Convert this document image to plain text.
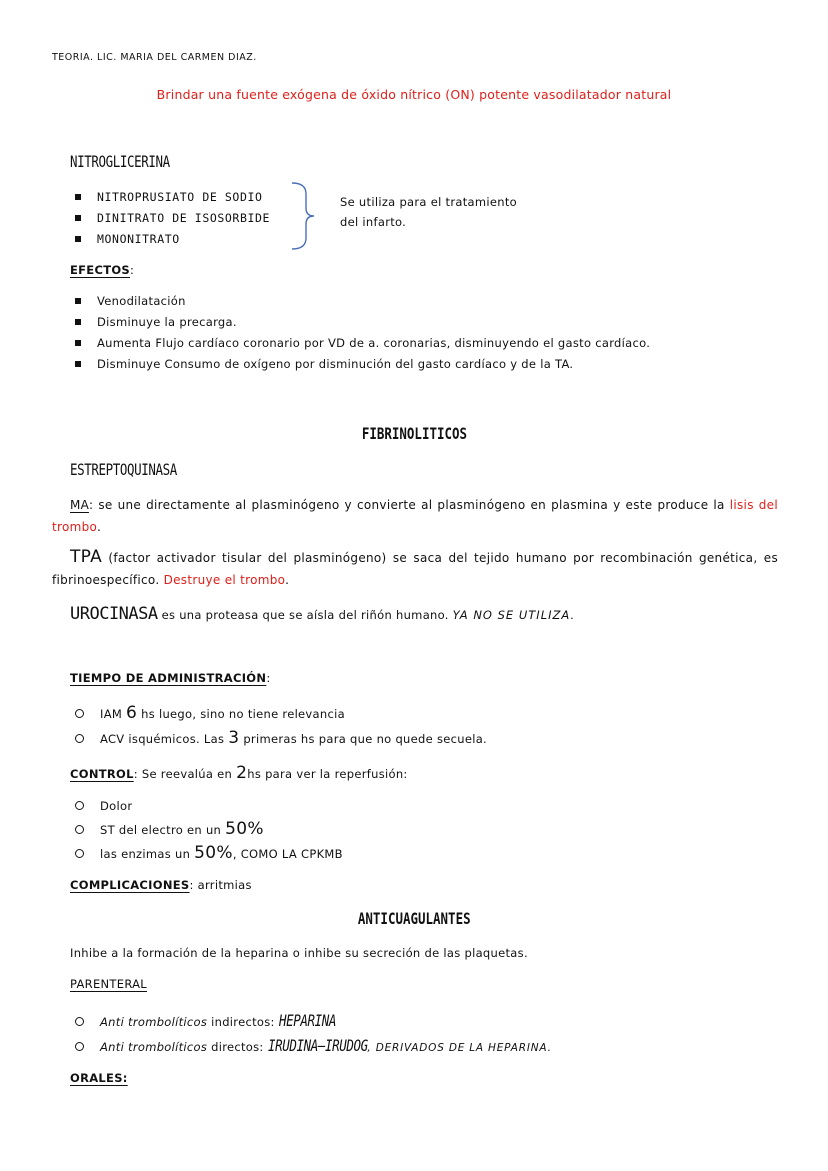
TEORIA. LIC. MARIA DEL CARMEN DIAZ.
Brindar una fuente exógena de óxido nítrico (ON) potente vasodilatador natural
NITROGLICERINA
NITROPRUSIATO DE SODIO
DINITRATO DE ISOSORBIDE
MONONITRATO
Se utiliza para el tratamiento
del infarto.
EFECTOS:
Venodilatación
Disminuye la precarga.
Aumenta Flujo cardíaco coronario por VD de a. coronarias, disminuyendo el gasto cardíaco.
Disminuye Consumo de oxígeno por disminución del gasto cardíaco y de la TA.
FIBRINOLITICOS
ESTREPTOQUINASA
MA: se une directamente al plasminógeno y convierte al plasminógeno en plasmina y este produce la lisis del trombo.
TPA (factor activador tisular del plasminógeno) se saca del tejido humano por recombinación genética, es fibrinoespecífico. Destruye el trombo.
UROCINASA es una proteasa que se aísla del riñón humano. YA NO SE UTILIZA.
TIEMPO DE ADMINISTRACIÓN:
IAM 6 hs luego, sino no tiene relevancia
ACV isquémicos. Las 3 primeras hs para que no quede secuela.
CONTROL: Se reevalúa en 2hs para ver la reperfusión:
Dolor
ST del electro en un 50%
las enzimas un 50%, COMO LA CPKMB
COMPLICACIONES: arritmias
ANTICUAGULANTES
Inhibe a la formación de la heparina o inhibe su secreción de las plaquetas.
PARENTERAL
Anti trombolíticos indirectos: HEPARINA
Anti trombolíticos directos: IRUDINA–IRUDOG, DERIVADOS DE LA HEPARINA.
ORALES:
